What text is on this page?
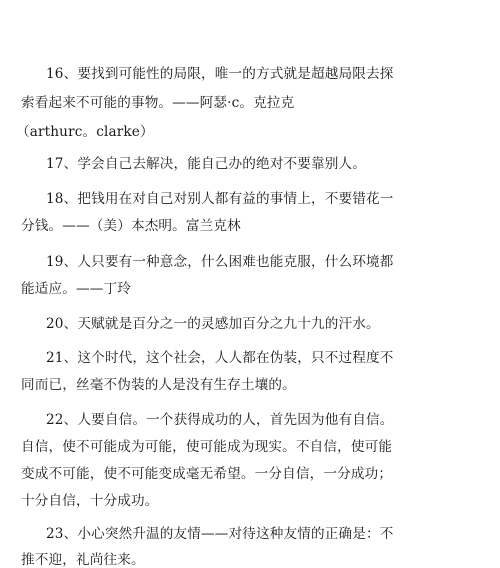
16、要找到可能性的局限，唯一的方式就是超越局限去探
索看起来不可能的事物。——阿瑟·c。克拉克
（arthurc。clarke）
17、学会自己去解决，能自己办的绝对不要靠别人。
18、把钱用在对自己对别人都有益的事情上，不要错花一
分钱。——（美）本杰明。富兰克林
19、人只要有一种意念，什么困难也能克服，什么环境都
能适应。——丁玲
20、天赋就是百分之一的灵感加百分之九十九的汗水。
21、这个时代，这个社会，人人都在伪装，只不过程度不
同而已，丝毫不伪装的人是没有生存土壤的。
22、人要自信。一个获得成功的人，首先因为他有自信。
自信，使不可能成为可能，使可能成为现实。不自信，使可能
变成不可能，使不可能变成毫无希望。一分自信，一分成功；
十分自信，十分成功。
23、小心突然升温的友情——对待这种友情的正确是：不
推不迎，礼尚往来。
